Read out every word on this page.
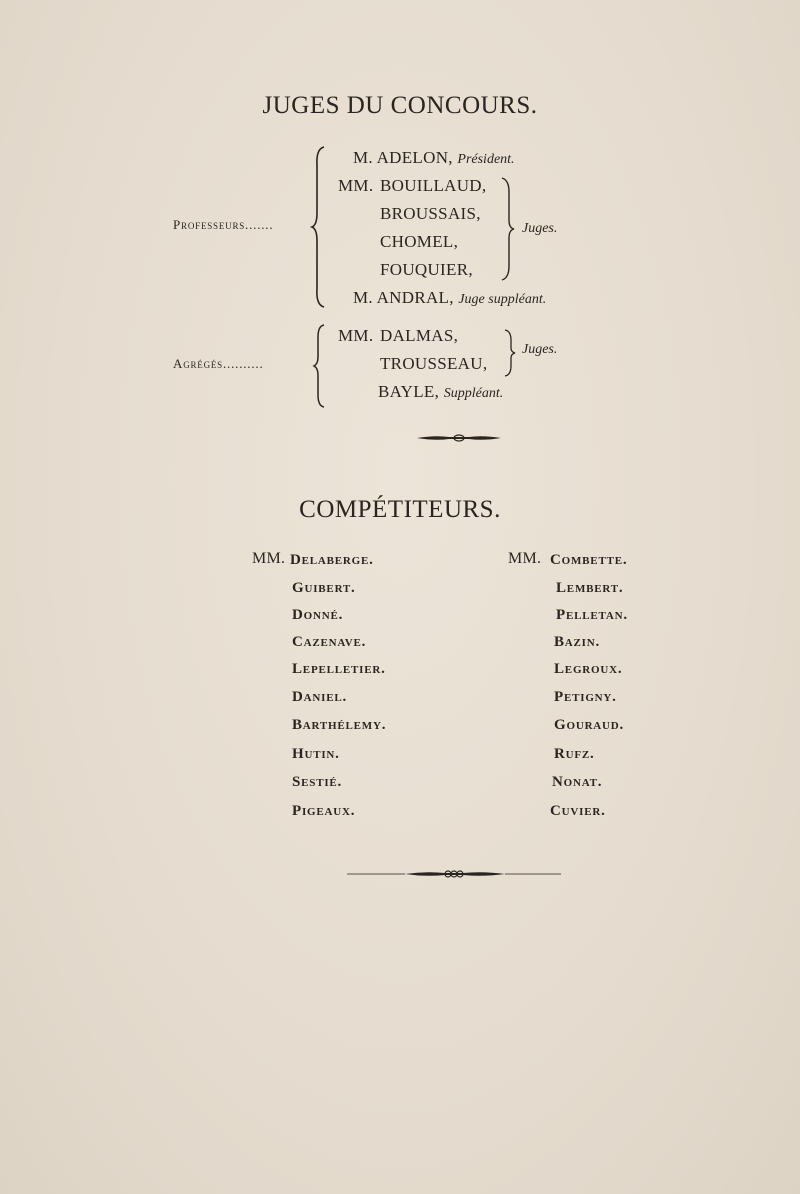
JUGES DU CONCOURS.
Professeurs.......
M. ADELON, Président.
MM. BOUILLAUD,
BROUSSAIS,
CHOMEL,
FOUQUIER,
Juges.
M. ANDRAL, Juge suppléant.
Agrégés..........
MM. DALMAS,
TROUSSEAU,
Juges.
BAYLE, Suppléant.
COMPÉTITEURS.
MM.	MM.
Delaberge.
Guibert.
Donné.
Cazenave.
Lepelletier.
Daniel.
Barthélemy.
Hutin.
Sestié.
Pigeaux.
Combette.
Lembert.
Pelletan.
Bazin.
Legroux.
Petigny.
Gouraud.
Rufz.
Nonat.
Cuvier.
